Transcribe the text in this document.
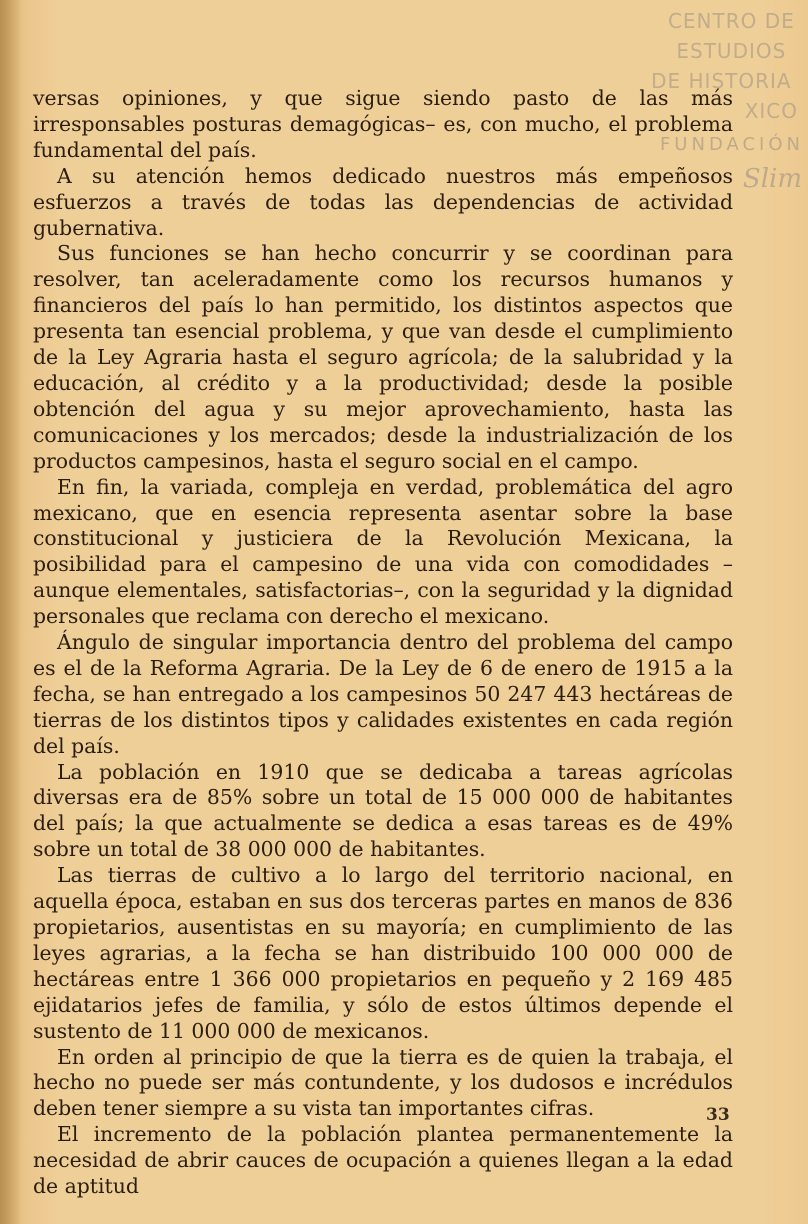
CENTRO DE
ESTUDIOS
DE HISTORIA
XICO
FUNDACIÓN
Slim

versas opiniones, y que sigue siendo pasto de las más irresponsables posturas demagógicas– es, con mucho, el problema fundamental del país.

A su atención hemos dedicado nuestros más empeñosos esfuerzos a través de todas las dependencias de actividad gubernativa.

Sus funciones se han hecho concurrir y se coordinan para resolver, tan aceleradamente como los recursos humanos y financieros del país lo han permitido, los distintos aspectos que presenta tan esencial problema, y que van desde el cumplimiento de la Ley Agraria hasta el seguro agrícola; de la salubridad y la educación, al crédito y a la productividad; desde la posible obtención del agua y su mejor aprovechamiento, hasta las comunicaciones y los mercados; desde la industrialización de los productos campesinos, hasta el seguro social en el campo.

En fin, la variada, compleja en verdad, problemática del agro mexicano, que en esencia representa asentar sobre la base constitucional y justiciera de la Revolución Mexicana, la posibilidad para el campesino de una vida con comodidades –aunque elementales, satisfactorias–, con la seguridad y la dignidad personales que reclama con derecho el mexicano.

Ángulo de singular importancia dentro del problema del campo es el de la Reforma Agraria. De la Ley de 6 de enero de 1915 a la fecha, se han entregado a los campesinos 50 247 443 hectáreas de tierras de los distintos tipos y calidades existentes en cada región del país.

La población en 1910 que se dedicaba a tareas agrícolas diversas era de 85% sobre un total de 15 000 000 de habitantes del país; la que actualmente se dedica a esas tareas es de 49% sobre un total de 38 000 000 de habitantes.

Las tierras de cultivo a lo largo del territorio nacional, en aquella época, estaban en sus dos terceras partes en manos de 836 propietarios, ausentistas en su mayoría; en cumplimiento de las leyes agrarias, a la fecha se han distribuido 100 000 000 de hectáreas entre 1 366 000 propietarios en pequeño y 2 169 485 ejidatarios jefes de familia, y sólo de estos últimos depende el sustento de 11 000 000 de mexicanos.

En orden al principio de que la tierra es de quien la trabaja, el hecho no puede ser más contundente, y los dudosos e incrédulos deben tener siempre a su vista tan importantes cifras.

El incremento de la población plantea permanentemente la necesidad de abrir cauces de ocupación a quienes llegan a la edad de aptitud

33
